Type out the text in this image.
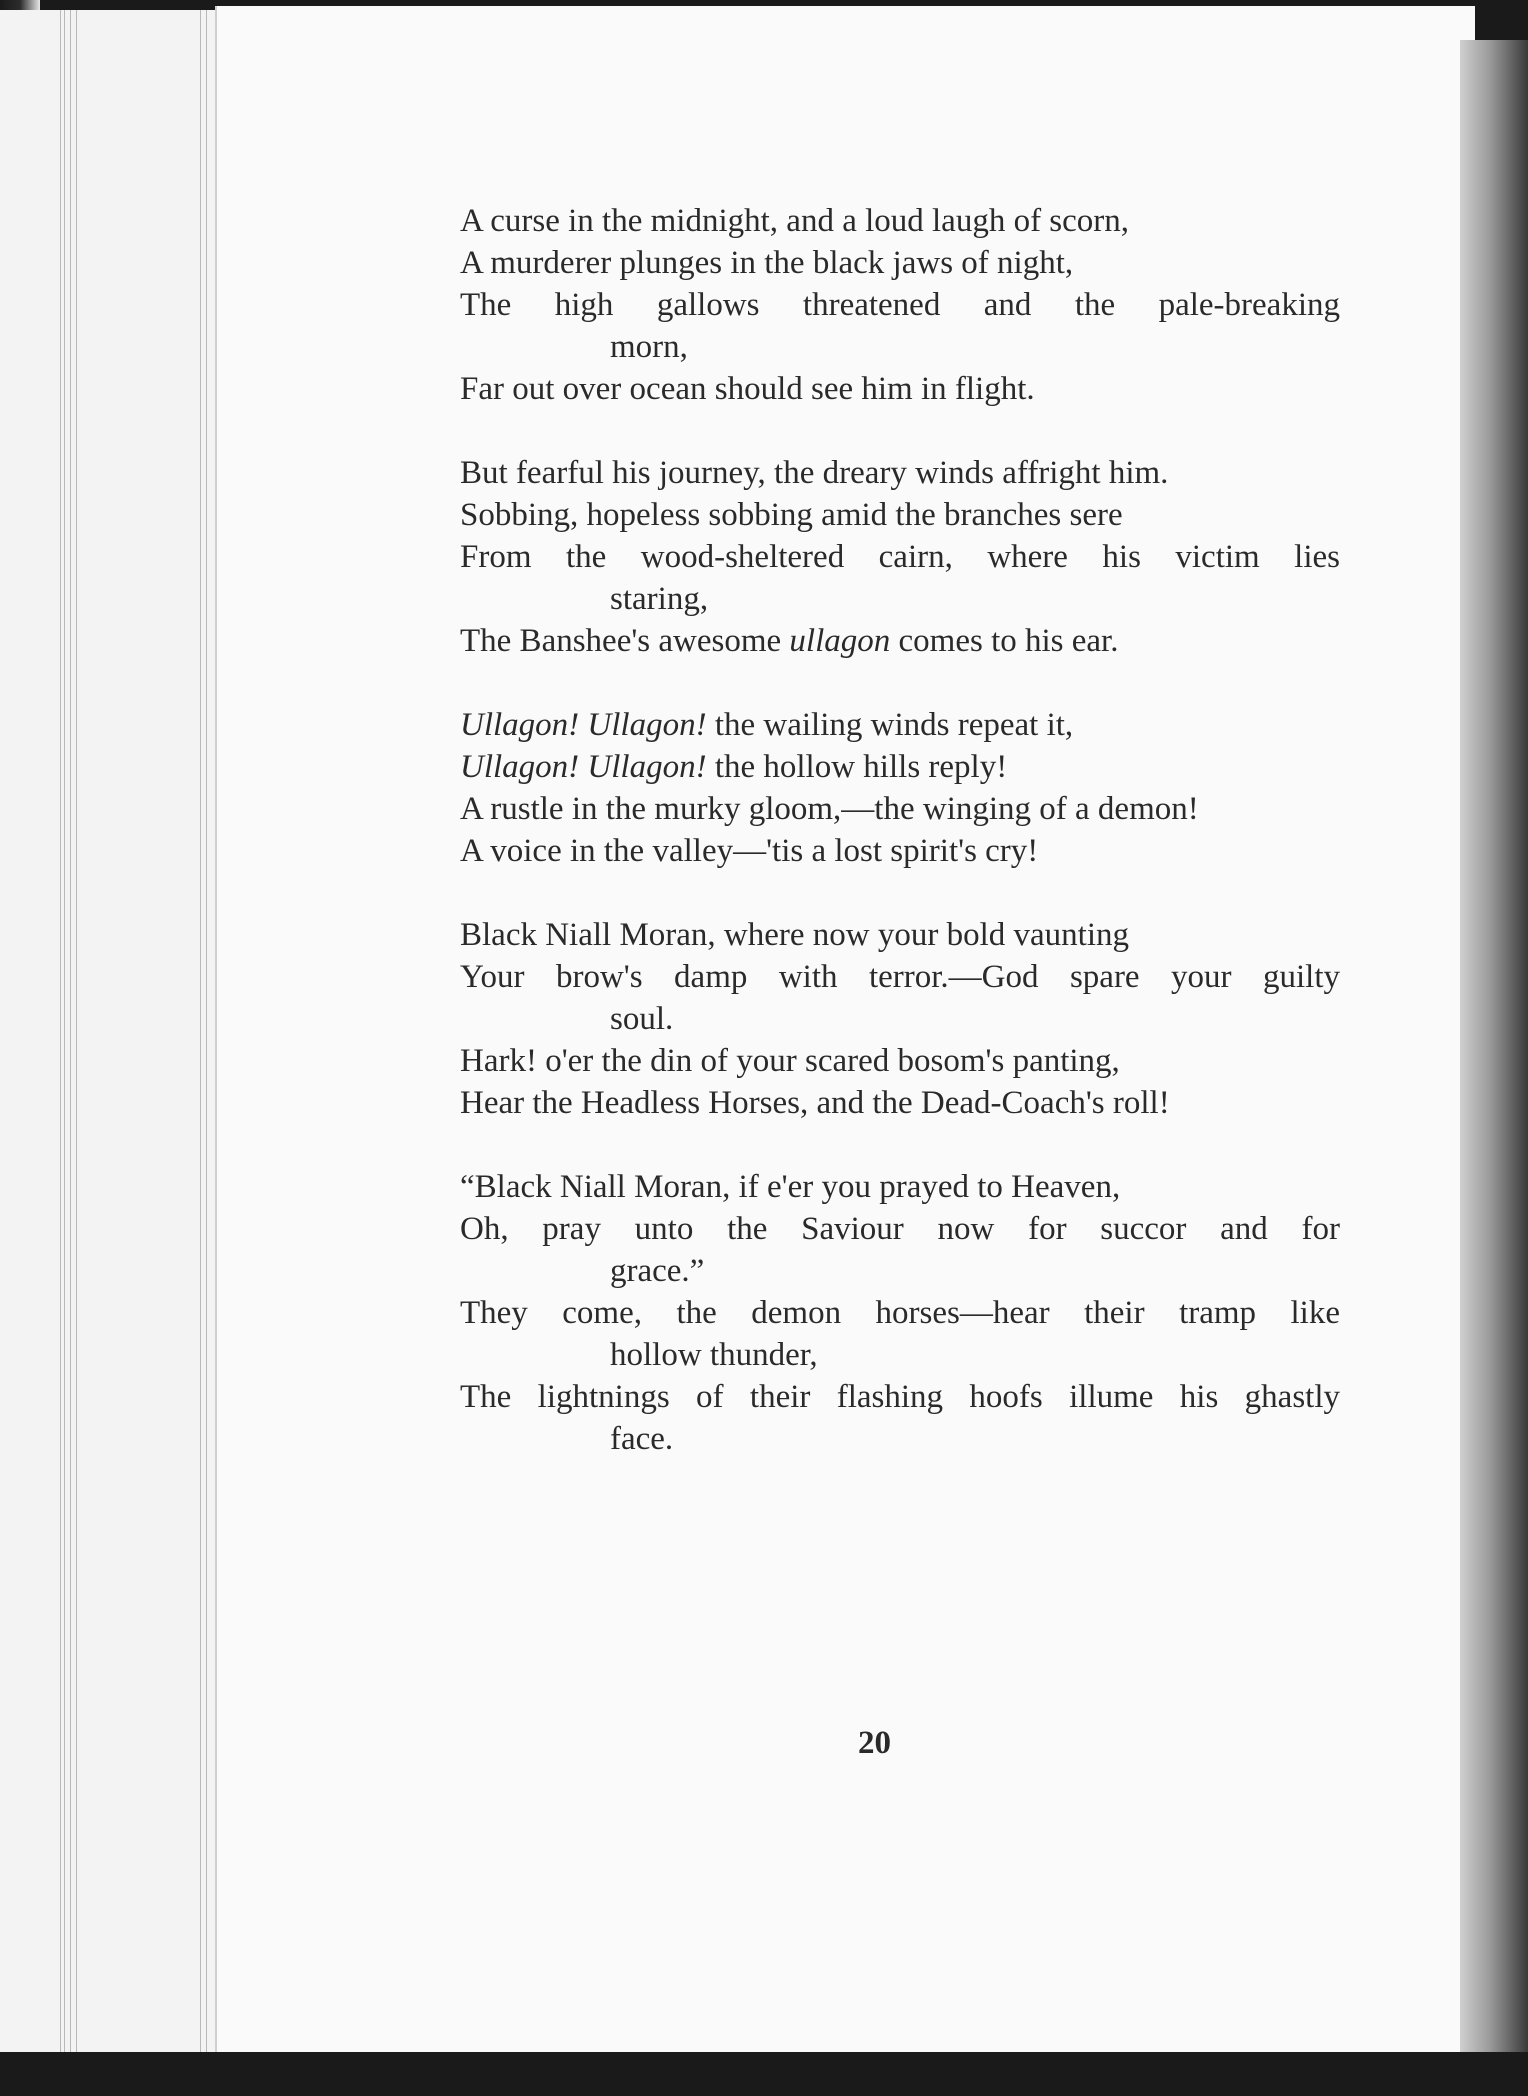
A curse in the midnight, and a loud laugh of scorn,
A murderer plunges in the black jaws of night,
The high gallows threatened and the pale-breaking
morn,
Far out over ocean should see him in flight.
But fearful his journey, the dreary winds affright him.
Sobbing, hopeless sobbing amid the branches sere
From the wood-sheltered cairn, where his victim lies
staring,
The Banshee's awesome ullagon comes to his ear.
Ullagon! Ullagon! the wailing winds repeat it,
Ullagon! Ullagon! the hollow hills reply!
A rustle in the murky gloom,—the winging of a demon!
A voice in the valley—'tis a lost spirit's cry!
Black Niall Moran, where now your bold vaunting
Your brow's damp with terror.—God spare your guilty
soul.
Hark! o'er the din of your scared bosom's panting,
Hear the Headless Horses, and the Dead-Coach's roll!
“Black Niall Moran, if e'er you prayed to Heaven,
Oh, pray unto the Saviour now for succor and for
grace.”
They come, the demon horses—hear their tramp like
hollow thunder,
The lightnings of their flashing hoofs illume his ghastly
face.
20
